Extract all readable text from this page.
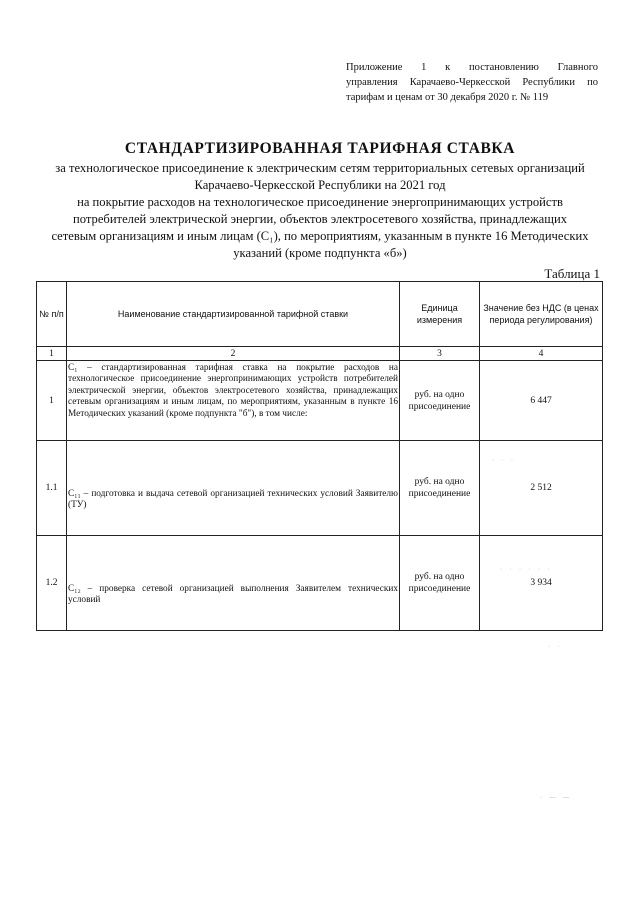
Приложение 1 к постановлению Главного
управления Карачаево-Черкесской Республики по
тарифам и ценам от 30 декабря 2020 г. № 119
СТАНДАРТИЗИРОВАННАЯ ТАРИФНАЯ СТАВКА
за технологическое присоединение к электрическим сетям территориальных сетевых организаций
Карачаево-Черкесской Республики на 2021 год
на покрытие расходов на технологическое присоединение энергопринимающих устройств
потребителей электрической энергии, объектов электросетевого хозяйства, принадлежащих
сетевым организациям и иным лицам (С₁), по мероприятиям, указанным в пункте 16 Методических
указаний (кроме подпункта «б»)
Таблица 1
№ п/п	Наименование стандартизированной тарифной ставки	Единица измерения	Значение без НДС (в ценах периода регулирования)
1	2	3	4
1	С₁ – стандартизированная тарифная ставка на покрытие расходов на технологическое присоединение энергопринимающих устройств потребителей электрической энергии, объектов электросетевого хозяйства, принадлежащих сетевым организациям и иным лицам, по мероприятиям, указанным в пункте 16 Методических указаний (кроме подпункта "б"), в том числе:	руб. на одно присоединение	6 447
1.1	С₁₁ – подготовка и выдача сетевой организацией технических условий Заявителю (ТУ)	руб. на одно присоединение	2 512
1.2	С₁₂ – проверка сетевой организацией выполнения Заявителем технических условий	руб. на одно присоединение	3 934
· · ·
· · · · · ·
· ·
· — —
